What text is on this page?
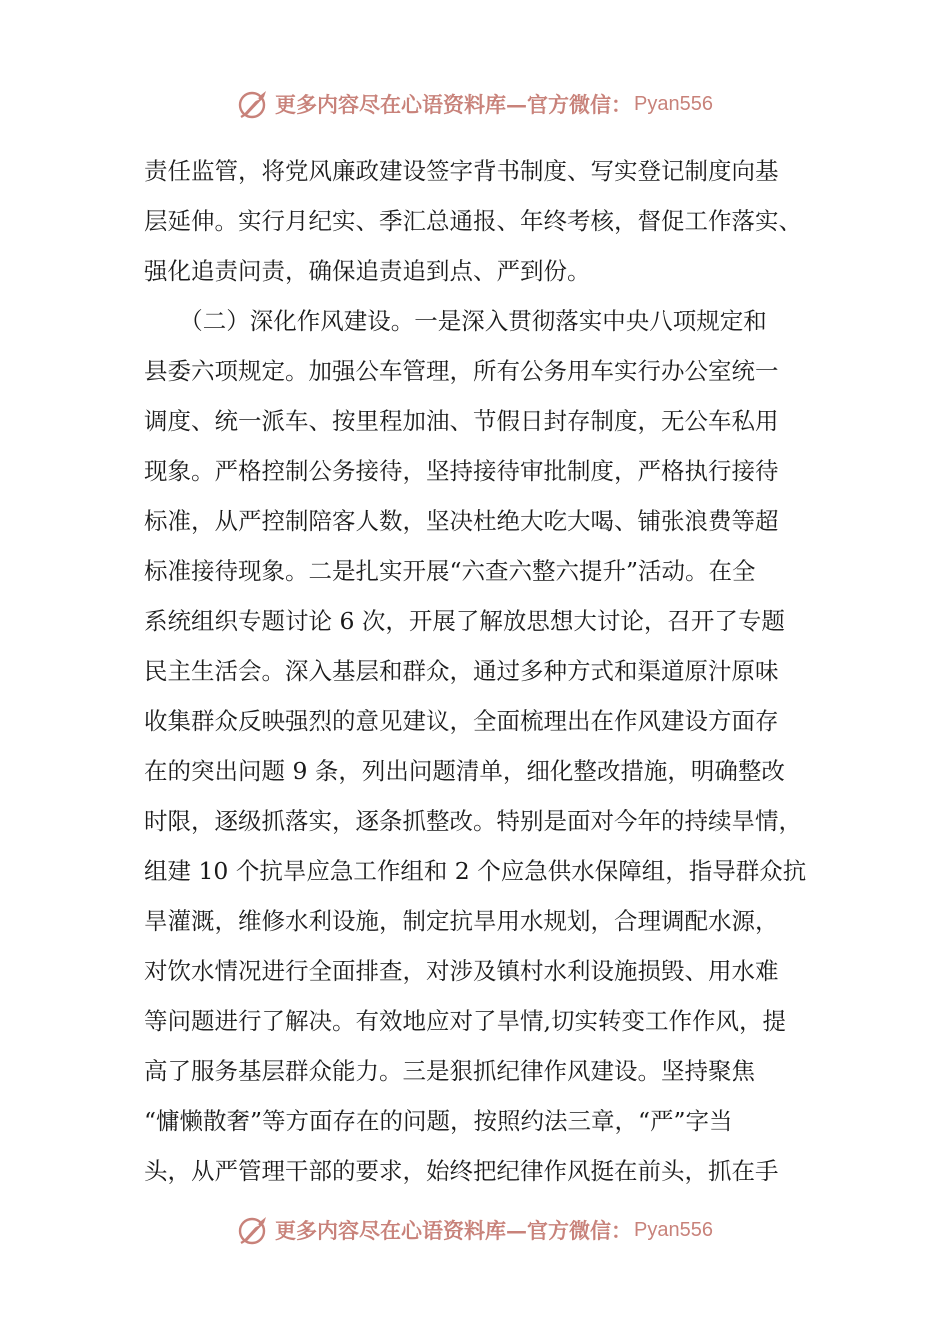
更多内容尽在心语资料库—官方微信： Pyan556
责任监管，将党风廉政建设签字背书制度、写实登记制度向基
层延伸。实行月纪实、季汇总通报、年终考核，督促工作落实、
强化追责问责，确保追责追到点、严到份。
　　（二）深化作风建设。一是深入贯彻落实中央八项规定和
县委六项规定。加强公车管理，所有公务用车实行办公室统一
调度、统一派车、按里程加油、节假日封存制度，无公车私用
现象。严格控制公务接待，坚持接待审批制度，严格执行接待
标准，从严控制陪客人数，坚决杜绝大吃大喝、铺张浪费等超
标准接待现象。二是扎实开展“六查六整六提升”活动。在全
系统组织专题讨论 6 次，开展了解放思想大讨论，召开了专题
民主生活会。深入基层和群众，通过多种方式和渠道原汁原味
收集群众反映强烈的意见建议，全面梳理出在作风建设方面存
在的突出问题 9 条，列出问题清单，细化整改措施，明确整改
时限，逐级抓落实，逐条抓整改。特别是面对今年的持续旱情，
组建 10 个抗旱应急工作组和 2 个应急供水保障组，指导群众抗
旱灌溉，维修水利设施，制定抗旱用水规划，合理调配水源，
对饮水情况进行全面排查，对涉及镇村水利设施损毁、用水难
等问题进行了解决。有效地应对了旱情,切实转变工作作风，提
高了服务基层群众能力。三是狠抓纪律作风建设。坚持聚焦
“慵懒散奢”等方面存在的问题，按照约法三章，“严”字当
头，从严管理干部的要求，始终把纪律作风挺在前头，抓在手
更多内容尽在心语资料库—官方微信： Pyan556
